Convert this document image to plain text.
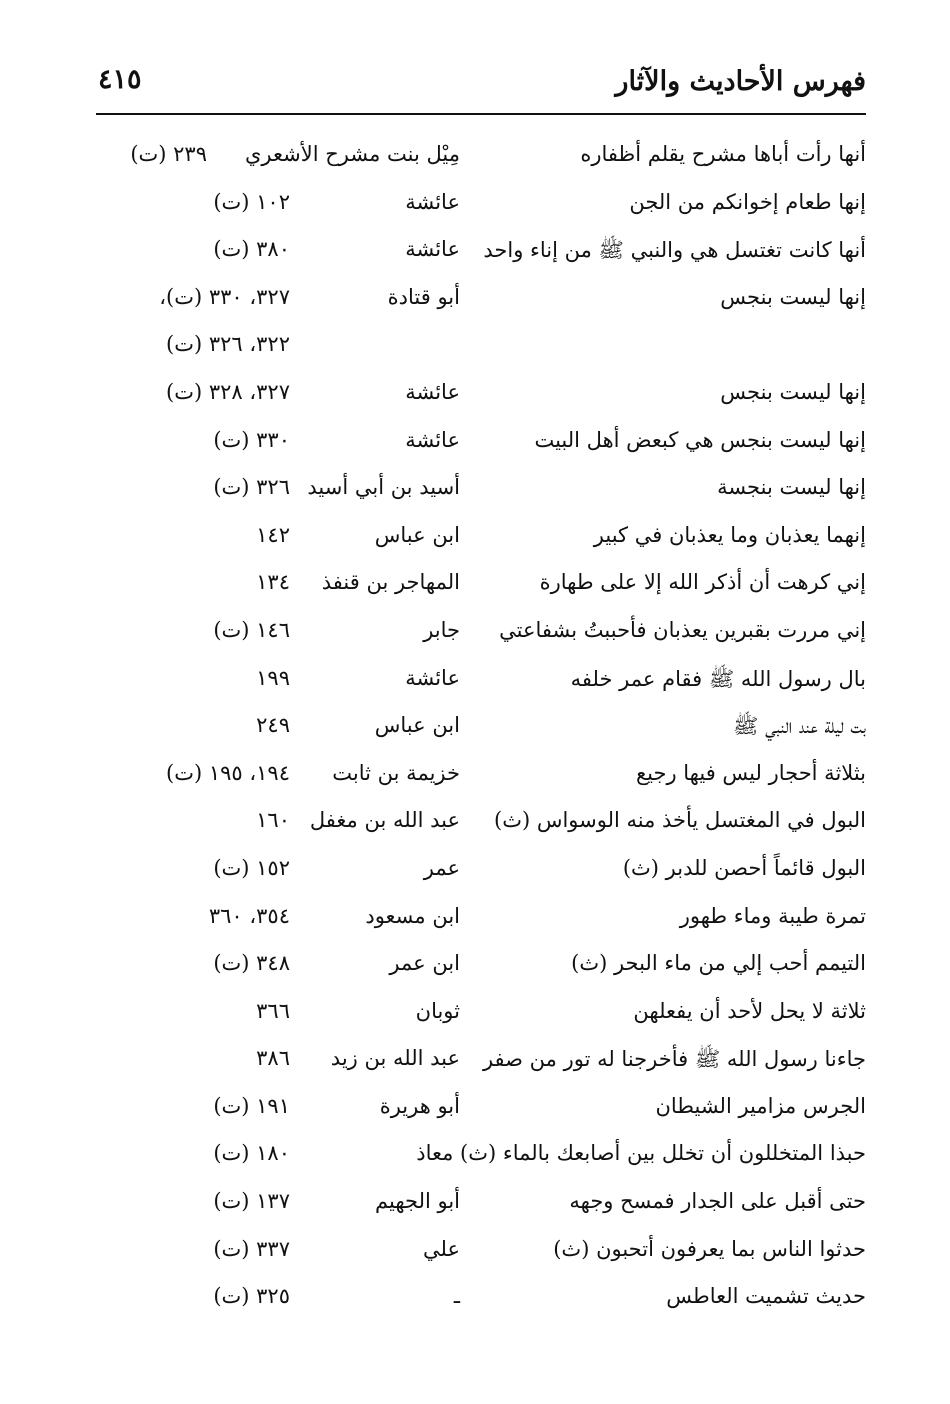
فهرس الأحاديث والآثار
٤١٥
أنها رأت أباها مشرح يقلم أظفاره
مِيْل بنت مشرح الأشعري
٢٣٩ (ت)
إنها طعام إخوانكم من الجن
عائشة
١٠٢ (ت)
أنها كانت تغتسل هي والنبي ﷺ من إناء واحد
عائشة
٣٨٠ (ت)
إنها ليست بنجس
أبو قتادة
٣٢٧، ٣٣٠ (ت)،
٣٢٢، ٣٢٦ (ت)
إنها ليست بنجس
عائشة
٣٢٧، ٣٢٨ (ت)
إنها ليست بنجس هي كبعض أهل البيت
عائشة
٣٣٠ (ت)
إنها ليست بنجسة
أسيد بن أبي أسيد
٣٢٦ (ت)
إنهما يعذبان وما يعذبان في كبير
ابن عباس
١٤٢
إني كرهت أن أذكر الله إلا على طهارة
المهاجر بن قنفذ
١٣٤
إني مررت بقبرين يعذبان فأحببتُ بشفاعتي
جابر
١٤٦ (ت)
بال رسول الله ﷺ فقام عمر خلفه
عائشة
١٩٩
بت ليلة عند النبي ﷺ
ابن عباس
٢٤٩
بثلاثة أحجار ليس فيها رجيع
خزيمة بن ثابت
١٩٤، ١٩٥ (ت)
البول في المغتسل يأخذ منه الوسواس (ث)
عبد الله بن مغفل
١٦٠
البول قائماً أحصن للدبر (ث)
عمر
١٥٢ (ت)
تمرة طيبة وماء طهور
ابن مسعود
٣٥٤، ٣٦٠
التيمم أحب إلي من ماء البحر (ث)
ابن عمر
٣٤٨ (ت)
ثلاثة لا يحل لأحد أن يفعلهن
ثوبان
٣٦٦
جاءنا رسول الله ﷺ فأخرجنا له تور من صفر
عبد الله بن زيد
٣٨٦
الجرس مزامير الشيطان
أبو هريرة
١٩١ (ت)
حبذا المتخللون أن تخلل بين أصابعك بالماء (ث) معاذ
١٨٠ (ت)
حتى أقبل على الجدار فمسح وجهه
أبو الجهيم
١٣٧ (ت)
حدثوا الناس بما يعرفون أتحبون (ث)
علي
٣٣٧ (ت)
حديث تشميت العاطس
ـ
٣٢٥ (ت)
